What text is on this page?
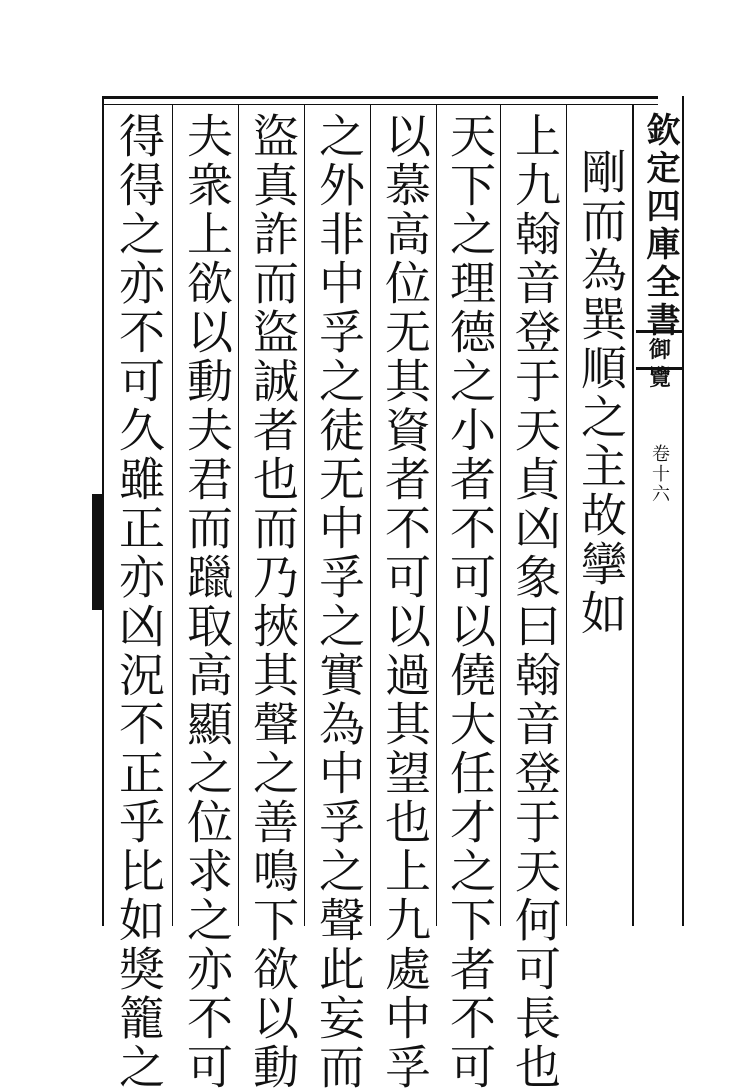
欽定四庫全書
御覽
卷十六
剛而為巽順之主故攣如
上九翰音登于天貞凶象曰翰音登于天何可長也
天下之理德之小者不可以僥大任才之下者不可
以慕高位无其資者不可以過其望也上九處中孚
之外非中孚之徒无中孚之實為中孚之聲此妄而
盜真詐而盜誠者也而乃挾其聲之善鳴下欲以動
夫衆上欲以動夫君而躐取高顯之位求之亦不可
得得之亦不可久雖正亦凶況不正乎比如獎籠之
